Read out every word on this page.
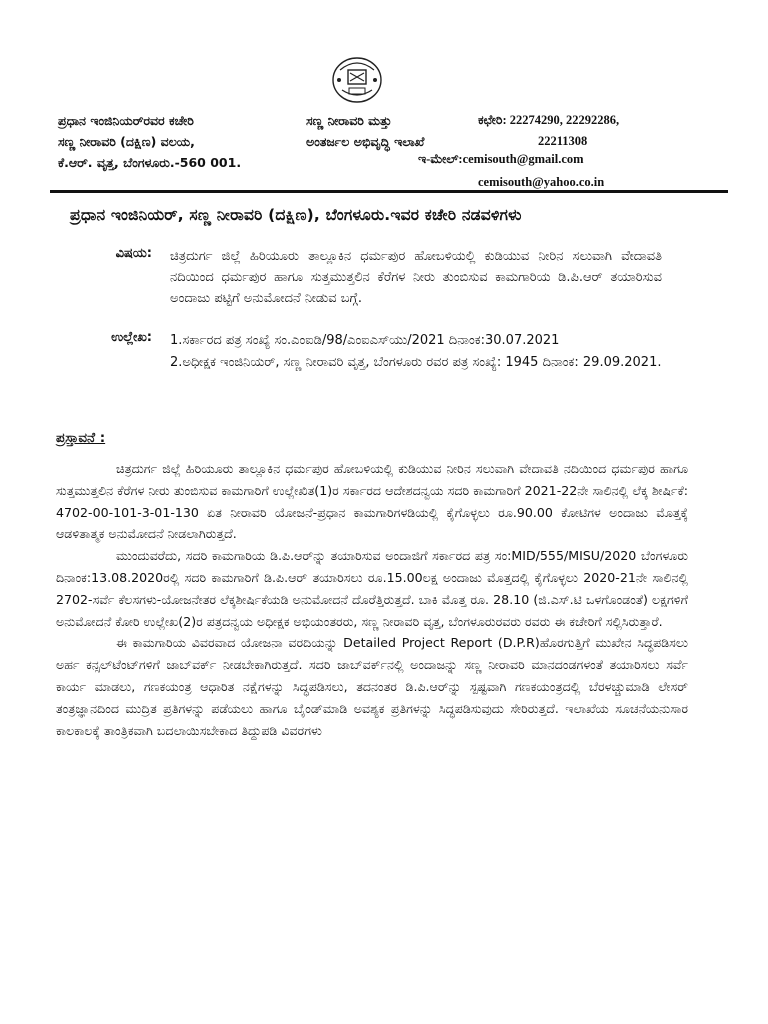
ಪ್ರಧಾನ ಇಂಜಿನಿಯರ್‌ರವರ ಕಚೇರಿ
ಸಣ್ಣ ನೀರಾವರಿ (ದಕ್ಷಿಣ) ವಲಯ,
ಕೆ.ಆರ್. ವೃತ್ತ, ಬೆಂಗಳೂರು.-560 001.
ಸಣ್ಣ ನೀರಾವರಿ ಮತ್ತು
ಅಂತರ್ಜಲ ಅಭಿವೃದ್ಧಿ ಇಲಾಖೆ
ಕಛೇರಿ: 22274290, 22292286,
22211308
ಇ-ಮೇಲ್:cemisouth@gmail.com
cemisouth@yahoo.co.in
ಪ್ರಧಾನ ಇಂಜಿನಿಯರ್, ಸಣ್ಣ ನೀರಾವರಿ (ದಕ್ಷಿಣ), ಬೆಂಗಳೂರು.ಇವರ ಕಚೇರಿ ನಡವಳಿಗಳು
ವಿಷಯ: ಚಿತ್ರದುರ್ಗ ಜಿಲ್ಲೆ ಹಿರಿಯೂರು ತಾಲ್ಲೂಕಿನ ಧರ್ಮಪುರ ಹೋಬಳಿಯಲ್ಲಿ ಕುಡಿಯುವ ನೀರಿನ ಸಲುವಾಗಿ ವೇದಾವತಿ ನದಿಯಿಂದ ಧರ್ಮಪುರ ಹಾಗೂ ಸುತ್ತಮುತ್ತಲಿನ ಕೆರೆಗಳ ನೀರು ತುಂಬಿಸುವ ಕಾಮಗಾರಿಯ ಡಿ.ಪಿ.ಆರ್ ತಯಾರಿಸುವ ಅಂದಾಜು ಪಟ್ಟಿಗೆ ಅನುಮೋದನೆ ನೀಡುವ ಬಗ್ಗೆ.
ಉಲ್ಲೇಖ: 1.ಸರ್ಕಾರದ ಪತ್ರ ಸಂಖ್ಯೆ ಸಂ.ಎಂಐಡಿ/98/ಎಂಐಎಸ್‌ಯು/2021 ದಿನಾಂಕ:30.07.2021
2.ಅಧೀಕ್ಷಕ ಇಂಜಿನಿಯರ್, ಸಣ್ಣ ನೀರಾವರಿ ವೃತ್ತ, ಬೆಂಗಳೂರು ರವರ ಪತ್ರ ಸಂಖ್ಯೆ: 1945 ದಿನಾಂಕ: 29.09.2021.
ಪ್ರಸ್ತಾವನೆ :

ಚಿತ್ರದುರ್ಗ ಜಿಲ್ಲೆ ಹಿರಿಯೂರು ತಾಲ್ಲೂಕಿನ ಧರ್ಮಪುರ ಹೋಬಳಿಯಲ್ಲಿ ಕುಡಿಯುವ ನೀರಿನ ಸಲುವಾಗಿ ವೇದಾವತಿ ನದಿಯಿಂದ ಧರ್ಮಪುರ ಹಾಗೂ ಸುತ್ತಮುತ್ತಲಿನ ಕೆರೆಗಳ ನೀರು ತುಂಬಿಸುವ ಕಾಮಗಾರಿಗೆ ಉಲ್ಲೇಖಿತ(1)ರ ಸರ್ಕಾರದ ಆದೇಶದನ್ವಯ ಸದರಿ ಕಾಮಗಾರಿಗೆ 2021-22ನೇ ಸಾಲಿನಲ್ಲಿ ಲೆಕ್ಕ ಶೀರ್ಷಿಕೆ: 4702-00-101-3-01-130 ಏತ ನೀರಾವರಿ ಯೋಜನೆ-ಪ್ರಧಾನ ಕಾಮಗಾರಿಗಳಡಿಯಲ್ಲಿ ಕೈಗೊಳ್ಳಲು ರೂ.90.00 ಕೋಟಿಗಳ ಅಂದಾಜು ಮೊತ್ತಕ್ಕೆ ಆಡಳಿತಾತ್ಮಕ ಅನುಮೋದನೆ ನೀಡಲಾಗಿರುತ್ತದೆ.

ಮುಂದುವರೆದು, ಸದರಿ ಕಾಮಗಾರಿಯ ಡಿ.ಪಿ.ಆರ್‌ನ್ನು ತಯಾರಿಸುವ ಅಂದಾಜಿಗೆ ಸರ್ಕಾರದ ಪತ್ರ ಸಂ:MID/555/MISU/2020 ಬೆಂಗಳೂರು ದಿನಾಂಕ:13.08.2020ರಲ್ಲಿ ಸದರಿ ಕಾಮಗಾರಿಗೆ ಡಿ.ಪಿ.ಆರ್ ತಯಾರಿಸಲು ರೂ.15.00ಲಕ್ಷ ಅಂದಾಜು ಮೊತ್ತದಲ್ಲಿ ಕೈಗೊಳ್ಳಲು 2020-21ನೇ ಸಾಲಿನಲ್ಲಿ 2702-ಸರ್ವೆ ಕೆಲಸಗಳು-ಯೋಜನೇತರ ಲೆಕ್ಕಶೀರ್ಷಿಕೆಯಡಿ ಅನುಮೋದನೆ ದೊರೆತ್ತಿರುತ್ತದೆ. ಬಾಕಿ ಮೊತ್ತ ರೂ. 28.10 (ಜಿ.ಎಸ್.ಟಿ ಒಳಗೊಂಡಂತೆ) ಲಕ್ಷಗಳಿಗೆ ಅನುಮೋದನೆ ಕೋರಿ ಉಲ್ಲೇಖ(2)ರ ಪತ್ರದನ್ವಯ ಅಧೀಕ್ಷಕ ಅಭಿಯಂತರರು, ಸಣ್ಣ ನೀರಾವರಿ ವೃತ್ತ, ಬೆಂಗಳೂರುರವರು ರವರು ಈ ಕಚೇರಿಗೆ ಸಲ್ಲಿಸಿರುತ್ತಾರೆ.

ಈ ಕಾಮಗಾರಿಯ ವಿವರವಾದ ಯೋಜನಾ ವರದಿಯನ್ನು Detailed Project Report (D.P.R)ಹೊರಗುತ್ತಿಗೆ ಮುಖೇನ ಸಿದ್ಧಪಡಿಸಲು ಅರ್ಹ ಕನ್ಸಲ್‌ಟೆಂಟ್‌ಗಳಿಗೆ ಜಾಬ್‌ವರ್ಕ್ ನೀಡಬೇಕಾಗಿರುತ್ತದೆ. ಸದರಿ ಜಾಬ್‌ವರ್ಕ್‌ನಲ್ಲಿ ಅಂದಾಜನ್ನು ಸಣ್ಣ ನೀರಾವರಿ ಮಾನದಂಡಗಳಂತೆ ತಯಾರಿಸಲು ಸರ್ವೆ ಕಾರ್ಯ ಮಾಡಲು, ಗಣಕಯಂತ್ರ ಆಧಾರಿತ ನಕ್ಷೆಗಳನ್ನು ಸಿದ್ಧಪಡಿಸಲು, ತದನಂತರ ಡಿ.ಪಿ.ಆರ್‌ನ್ನು ಸ್ಪಷ್ಟವಾಗಿ ಗಣಕಯಂತ್ರದಲ್ಲಿ ಬೆರಳಚ್ಚುಮಾಡಿ ಲೇಸರ್ ತಂತ್ರಜ್ಞಾನದಿಂದ ಮುದ್ರಿತ ಪ್ರತಿಗಳನ್ನು ಪಡೆಯಲು ಹಾಗೂ ಬೈಂಡ್‌ಮಾಡಿ ಅವಶ್ಯಕ ಪ್ರತಿಗಳನ್ನು ಸಿದ್ಧಪಡಿಸುವುದು ಸೇರಿರುತ್ತದೆ. ಇಲಾಖೆಯ ಸೂಚನೆಯನುಸಾರ ಕಾಲಕಾಲಕ್ಕೆ ತಾಂತ್ರಿಕವಾಗಿ ಬದಲಾಯಿಸಬೇಕಾದ ತಿದ್ದುಪಡಿ ವಿವರಗಳು
